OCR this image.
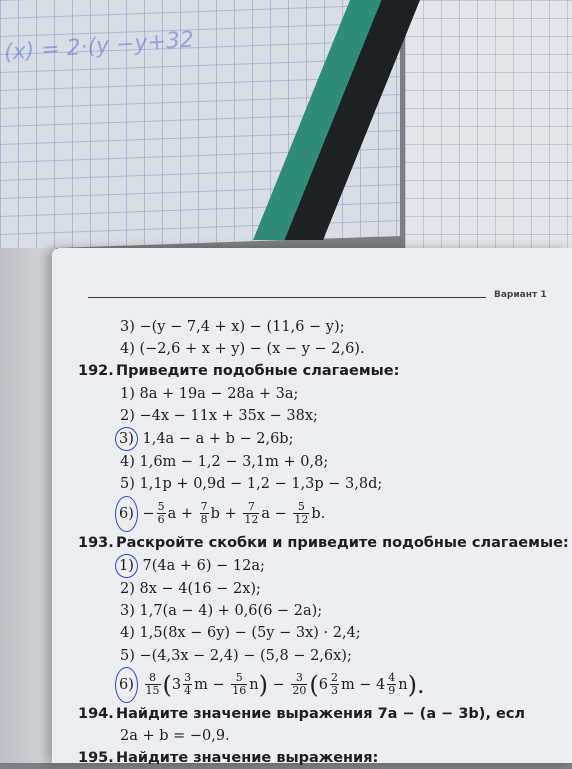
(x) = 2·(y −y+32
Вариант 1
3) −(y − 7,4 + x) − (11,6 − y);
4) (−2,6 + x + y) − (x − y − 2,6).
192. Приведите подобные слагаемые:
1) 8a + 19a − 28a + 3a;
2) −4x − 11x + 35x − 38x;
3) 1,4a − a + b − 2,6b;
4) 1,6m − 1,2 − 3,1m + 0,8;
5) 1,1p + 0,9d − 1,2 − 1,3p − 3,8d;
$6) - \frac{5}{6}$ $a + \frac{7}{8}$ $b + \frac{7}{12}$ $a - \frac{5}{12} b$.
193. Раскройте скобки и приведите подобные слагаемые:
1) 7(4a + 6) − 12a;
2) 8x − 4(16 − 2x);
3) 1,7(a − 4) + 0,6(6 − 2a);
4) 1,5(8x − 6y) − (5y − 3x) · 2,4;
5) −(4,3x − 2,4) − (5,8 − 2,6x);
$6) \frac{8}{15} (3 \frac{3}{4}$ $m - \frac{5}{16} n) - \frac{3}{20} (6 \frac{2}{3}$ $m - 4 \frac{4}{9} n$).
194. Найдите значение выражения 7a − (a − 3b), есл
2a + b = −0,9.
195. Найдите значение выражения:
